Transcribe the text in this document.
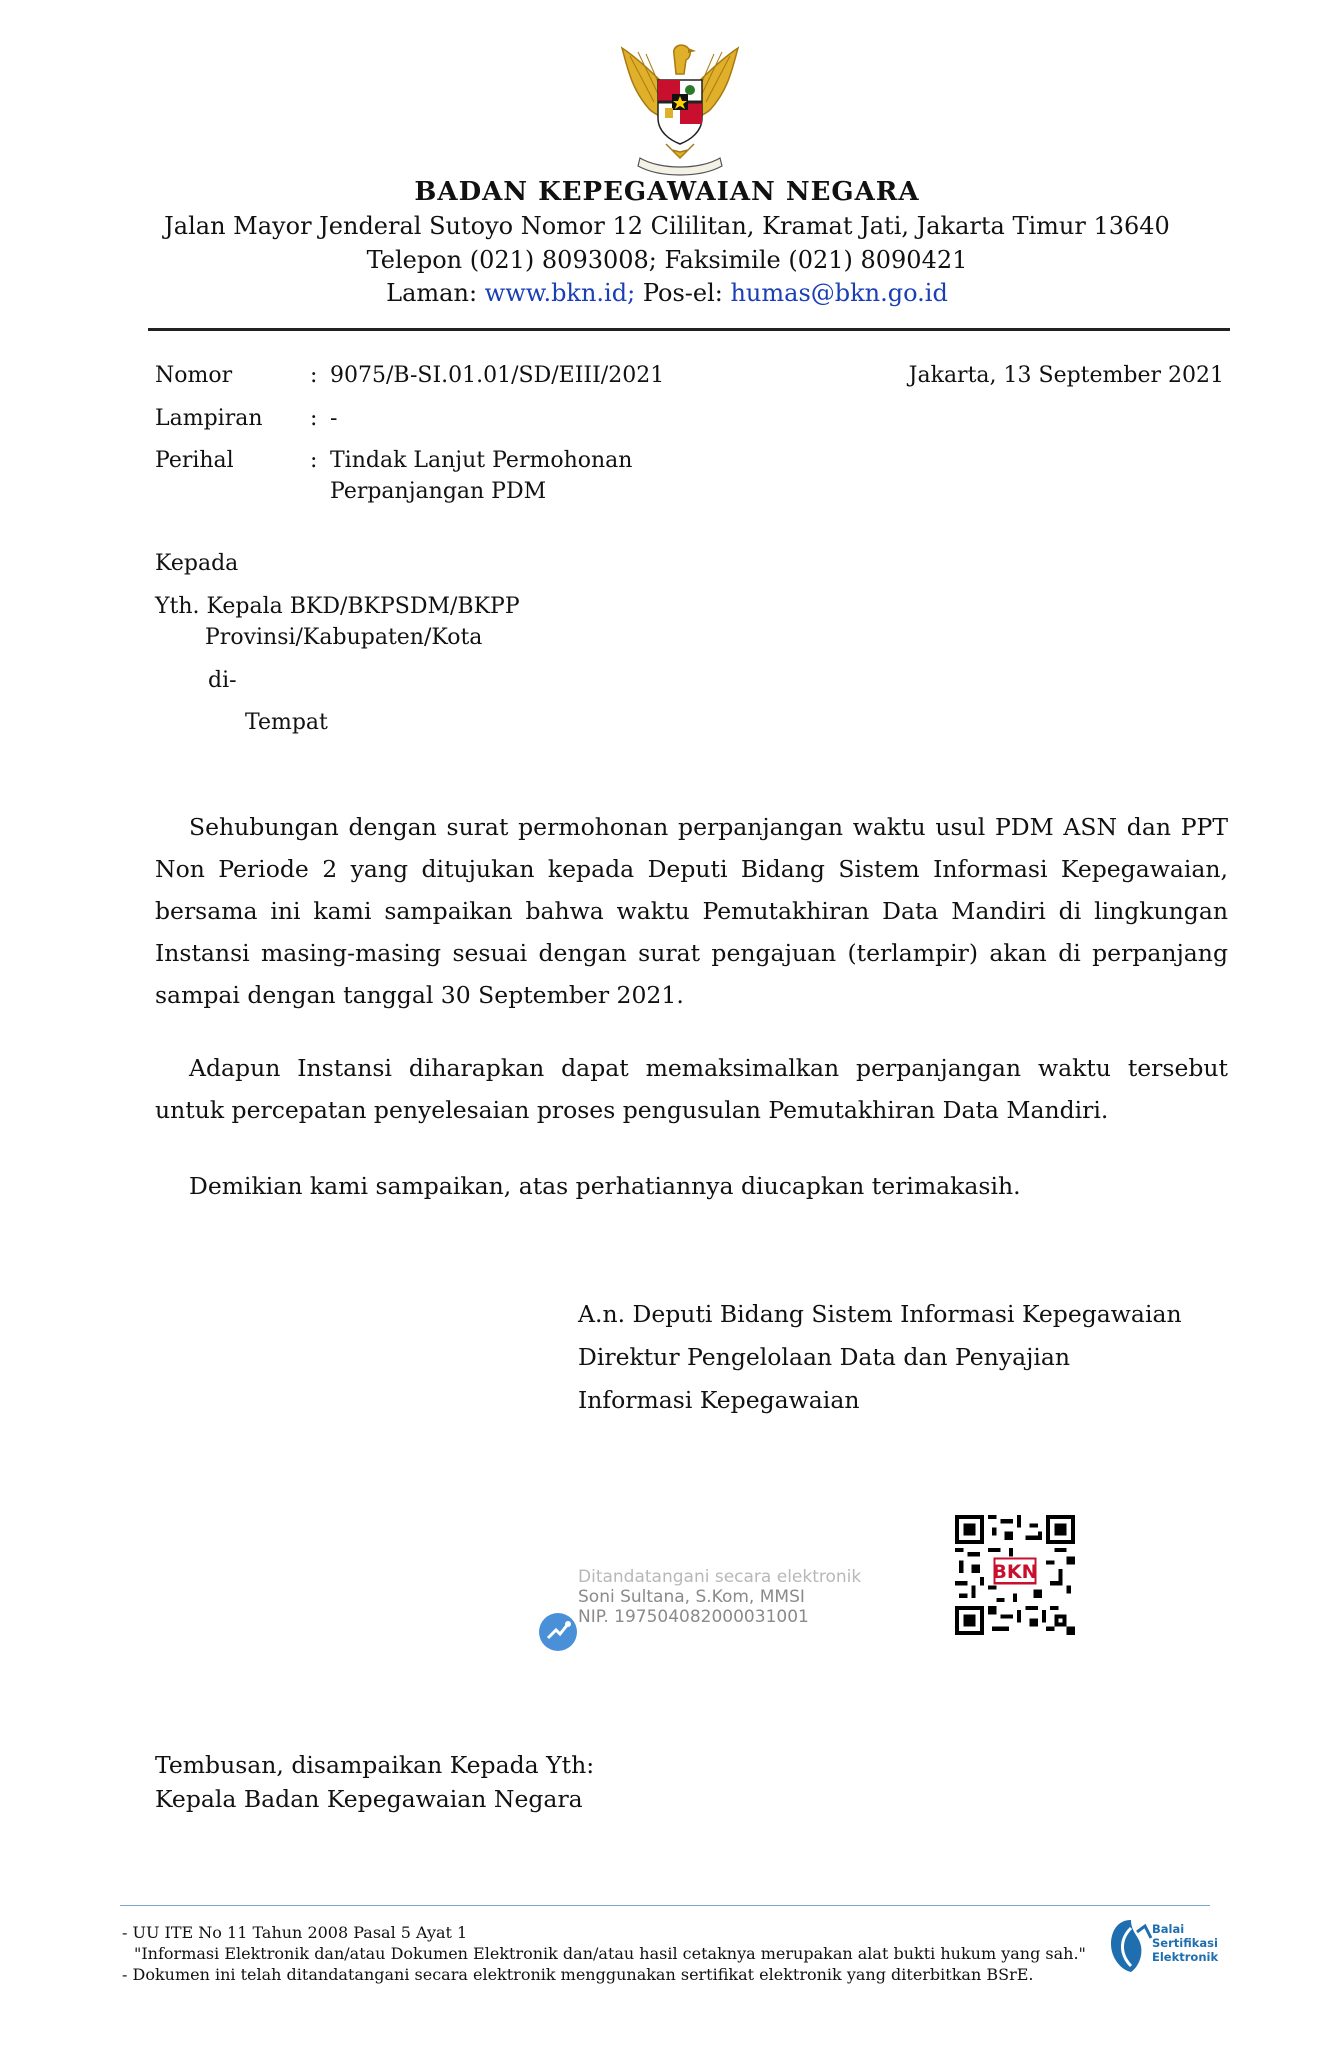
BADAN KEPEGAWAIAN NEGARA
Jalan Mayor Jenderal Sutoyo Nomor 12 Cililitan, Kramat Jati, Jakarta Timur 13640
Telepon (021) 8093008; Faksimile (021) 8090421
Laman: www.bkn.id; Pos-el: humas@bkn.go.id
Nomor	: 9075/B-SI.01.01/SD/EIII/2021	Jakarta, 13 September 2021
Lampiran : -
Perihal	: Tindak Lanjut Permohonan
Perpanjangan PDM
Kepada
Yth. Kepala BKD/BKPSDM/BKPP
Provinsi/Kabupaten/Kota
di-
Tempat
Sehubungan dengan surat permohonan perpanjangan waktu usul PDM ASN dan PPT Non Periode 2 yang ditujukan kepada Deputi Bidang Sistem Informasi Kepegawaian, bersama ini kami sampaikan bahwa waktu Pemutakhiran Data Mandiri di lingkungan Instansi masing-masing sesuai dengan surat pengajuan (terlampir) akan di perpanjang sampai dengan tanggal 30 September 2021.
Adapun Instansi diharapkan dapat memaksimalkan perpanjangan waktu tersebut untuk percepatan penyelesaian proses pengusulan Pemutakhiran Data Mandiri.
Demikian kami sampaikan, atas perhatiannya diucapkan terimakasih.
A.n. Deputi Bidang Sistem Informasi Kepegawaian
Direktur Pengelolaan Data dan Penyajian
Informasi Kepegawaian
Ditandatangani secara elektronik
Soni Sultana, S.Kom, MMSI
NIP. 197504082000031001
BKN
Tembusan, disampaikan Kepada Yth:
Kepala Badan Kepegawaian Negara
- UU ITE No 11 Tahun 2008 Pasal 5 Ayat 1
"Informasi Elektronik dan/atau Dokumen Elektronik dan/atau hasil cetaknya merupakan alat bukti hukum yang sah."
- Dokumen ini telah ditandatangani secara elektronik menggunakan sertifikat elektronik yang diterbitkan BSrE.
Balai
Sertifikasi
Elektronik
